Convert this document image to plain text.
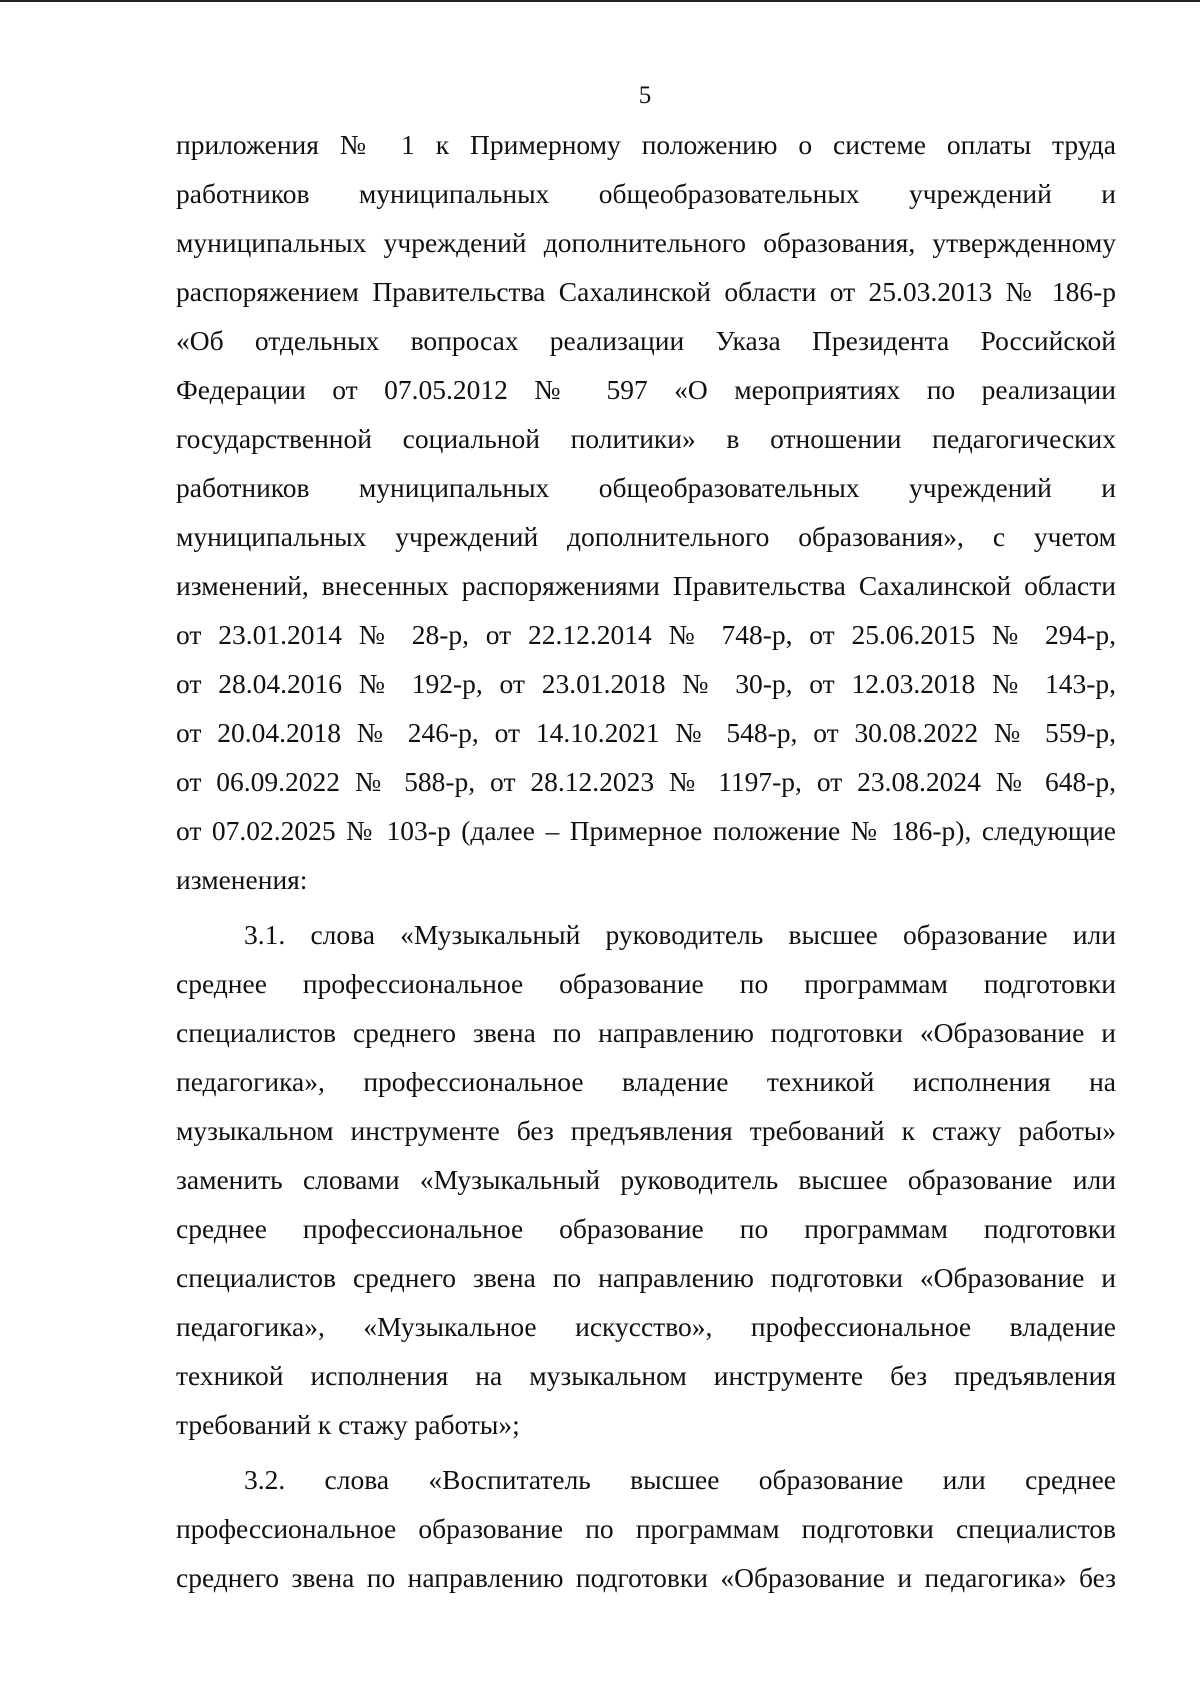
5
приложения № 1 к Примерному положению о системе оплаты труда
работников муниципальных общеобразовательных учреждений и
муниципальных учреждений дополнительного образования, утвержденному
распоряжением Правительства Сахалинской области от 25.03.2013 № 186-р
«Об отдельных вопросах реализации Указа Президента Российской
Федерации от 07.05.2012 № 597 «О мероприятиях по реализации
государственной социальной политики» в отношении педагогических
работников муниципальных общеобразовательных учреждений и
муниципальных учреждений дополнительного образования», с учетом
изменений, внесенных распоряжениями Правительства Сахалинской области
от 23.01.2014 № 28-р, от 22.12.2014 № 748-р, от 25.06.2015 № 294-р,
от 28.04.2016 № 192-р, от 23.01.2018 № 30-р, от 12.03.2018 № 143-р,
от 20.04.2018 № 246-р, от 14.10.2021 № 548-р, от 30.08.2022 № 559-р,
от 06.09.2022 № 588-р, от 28.12.2023 № 1197-р, от 23.08.2024 № 648-р,
от 07.02.2025 № 103-р (далее – Примерное положение № 186-р), следующие
изменения:
3.1. слова «Музыкальный руководитель высшее образование или
среднее профессиональное образование по программам подготовки
специалистов среднего звена по направлению подготовки «Образование и
педагогика», профессиональное владение техникой исполнения на
музыкальном инструменте без предъявления требований к стажу работы»
заменить словами «Музыкальный руководитель высшее образование или
среднее профессиональное образование по программам подготовки
специалистов среднего звена по направлению подготовки «Образование и
педагогика», «Музыкальное искусство», профессиональное владение
техникой исполнения на музыкальном инструменте без предъявления
требований к стажу работы»;
3.2. слова «Воспитатель высшее образование или среднее
профессиональное образование по программам подготовки специалистов
среднего звена по направлению подготовки «Образование и педагогика» без
